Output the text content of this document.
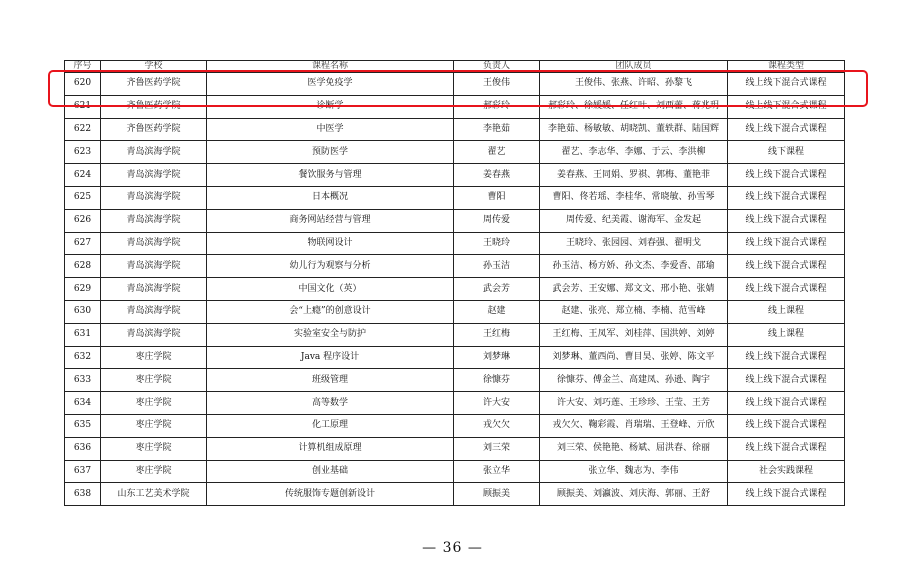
序号	学校	课程名称	负责人	团队成员	课程类型
620	齐鲁医药学院	医学免疫学	王俊伟	王俊伟、张燕、许昭、孙黎飞	线上线下混合式课程
621	齐鲁医药学院	诊断学	郝彩玲	郝彩玲、徐媛媛、任红叶、刘西蕾、蒋兆玥	线上线下混合式课程
622	齐鲁医药学院	中医学	李艳茹	李艳茹、杨敏敏、胡晓凯、董轶群、陆国辉	线上线下混合式课程
623	青岛滨海学院	预防医学	翟艺	翟艺、李志华、李娜、于云、李洪柳	线下课程
624	青岛滨海学院	餐饮服务与管理	姜春燕	姜春燕、王同娟、罗祺、郭梅、董艳菲	线上线下混合式课程
625	青岛滨海学院	日本概况	曹阳	曹阳、佟若瑶、李桂华、常晓敏、孙雪琴	线上线下混合式课程
626	青岛滨海学院	商务网站经营与管理	周传爱	周传爱、纪美霞、谢海军、金发起	线上线下混合式课程
627	青岛滨海学院	物联网设计	王晓玲	王晓玲、张园园、刘春强、翟明戈	线上线下混合式课程
628	青岛滨海学院	幼儿行为观察与分析	孙玉洁	孙玉洁、杨方娇、孙文杰、李爱香、邵瑜	线上线下混合式课程
629	青岛滨海学院	中国文化（英）	武会芳	武会芳、王安娜、郑文文、邢小艳、张婧	线上线下混合式课程
630	青岛滨海学院	会“上瘾”的创意设计	赵建	赵建、张亮、郑立楠、李楠、范雪峰	线上课程
631	青岛滨海学院	实验室安全与防护	王红梅	王红梅、王凤军、刘桂萍、国洪婷、刘婷	线上课程
632	枣庄学院	Java 程序设计	刘梦琳	刘梦琳、董西尚、曹目昊、张婷、陈文平	线上线下混合式课程
633	枣庄学院	班级管理	徐慷芬	徐慷芬、傅金兰、高建凤、孙逊、陶宇	线上线下混合式课程
634	枣庄学院	高等数学	许大安	许大安、刘巧莲、王珍珍、王莹、王芳	线上线下混合式课程
635	枣庄学院	化工原理	戎欠欠	戎欠欠、鞠彩霞、肖瑞瑞、王登峰、亓欣	线上线下混合式课程
636	枣庄学院	计算机组成原理	刘三荣	刘三荣、侯艳艳、杨斌、屈洪春、徐丽	线上线下混合式课程
637	枣庄学院	创业基础	张立华	张立华、魏志为、李伟	社会实践课程
638	山东工艺美术学院	传统服饰专题创新设计	顾振美	顾振美、刘瀛波、刘庆海、郭丽、王舒	线上线下混合式课程
— 36 —
